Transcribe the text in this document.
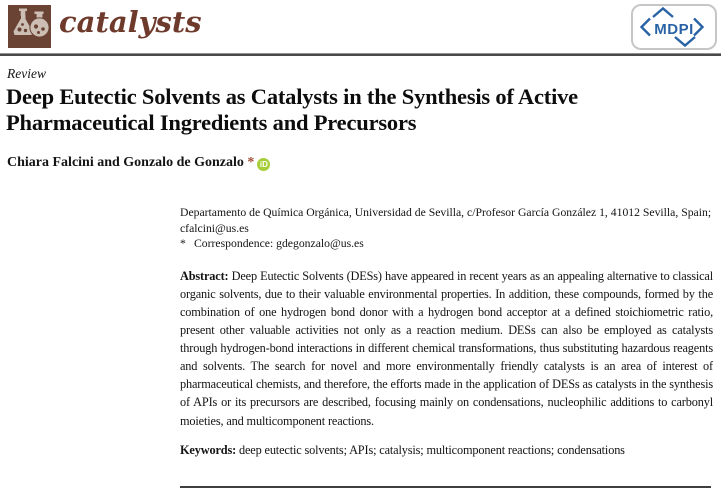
catalysts	MDPI
Review
Deep Eutectic Solvents as Catalysts in the Synthesis of Active Pharmaceutical Ingredients and Precursors
Chiara Falcini and Gonzalo de Gonzalo * iD

Departamento de Química Orgánica, Universidad de Sevilla, c/Profesor García González 1, 41012 Sevilla, Spain; cfalcini@us.es

* Correspondence: gdegonzalo@us.es

Abstract: Deep Eutectic Solvents (DESs) have appeared in recent years as an appealing alternative to classical organic solvents, due to their valuable environmental properties. In addition, these compounds, formed by the combination of one hydrogen bond donor with a hydrogen bond acceptor at a defined stoichiometric ratio, present other valuable activities not only as a reaction medium. DESs can also be employed as catalysts through hydrogen-bond interactions in different chemical transformations, thus substituting hazardous reagents and solvents. The search for novel and more environmentally friendly catalysts is an area of interest of pharmaceutical chemists, and therefore, the efforts made in the application of DESs as catalysts in the synthesis of APIs or its precursors are described, focusing mainly on condensations, nucleophilic additions to carbonyl moieties, and multicomponent reactions.

Keywords: deep eutectic solvents; APIs; catalysis; multicomponent reactions; condensations
